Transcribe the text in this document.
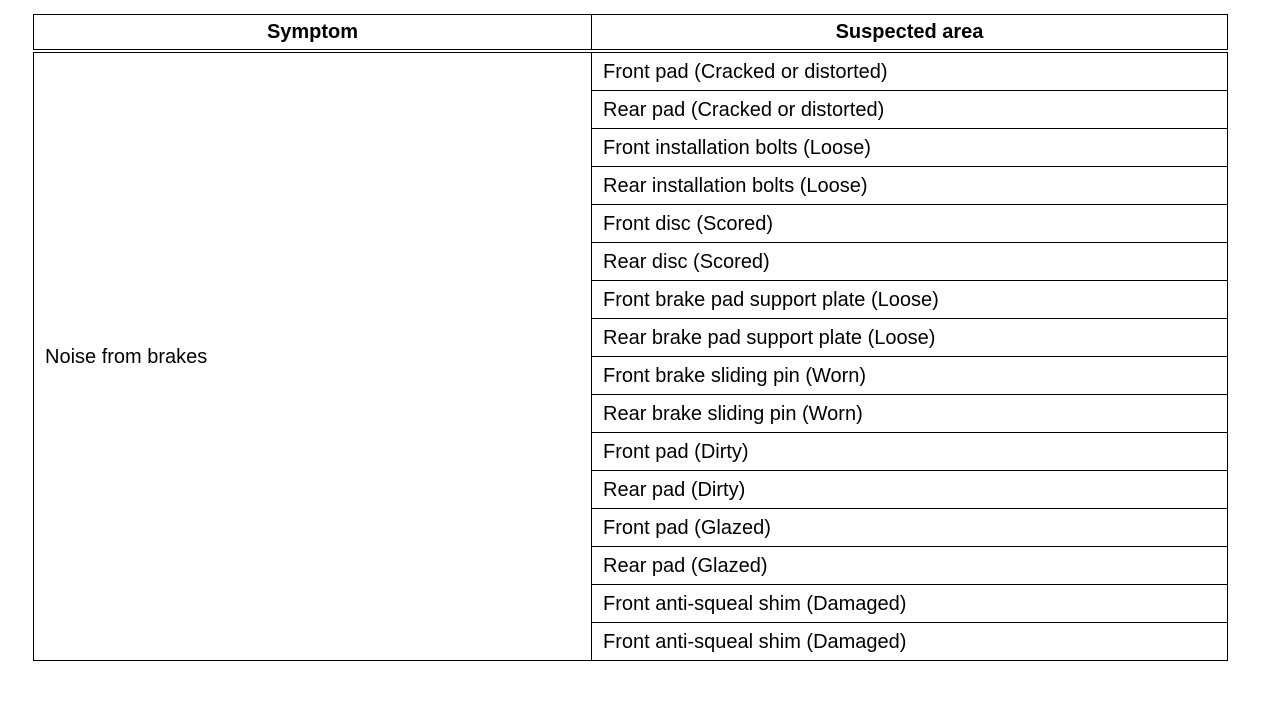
Symptom	Suspected area
Noise from brakes	Front pad (Cracked or distorted)
	Rear pad (Cracked or distorted)
	Front installation bolts (Loose)
	Rear installation bolts (Loose)
	Front disc (Scored)
	Rear disc (Scored)
	Front brake pad support plate (Loose)
	Rear brake pad support plate (Loose)
	Front brake sliding pin (Worn)
	Rear brake sliding pin (Worn)
	Front pad (Dirty)
	Rear pad (Dirty)
	Front pad (Glazed)
	Rear pad (Glazed)
	Front anti-squeal shim (Damaged)
	Front anti-squeal shim (Damaged)
